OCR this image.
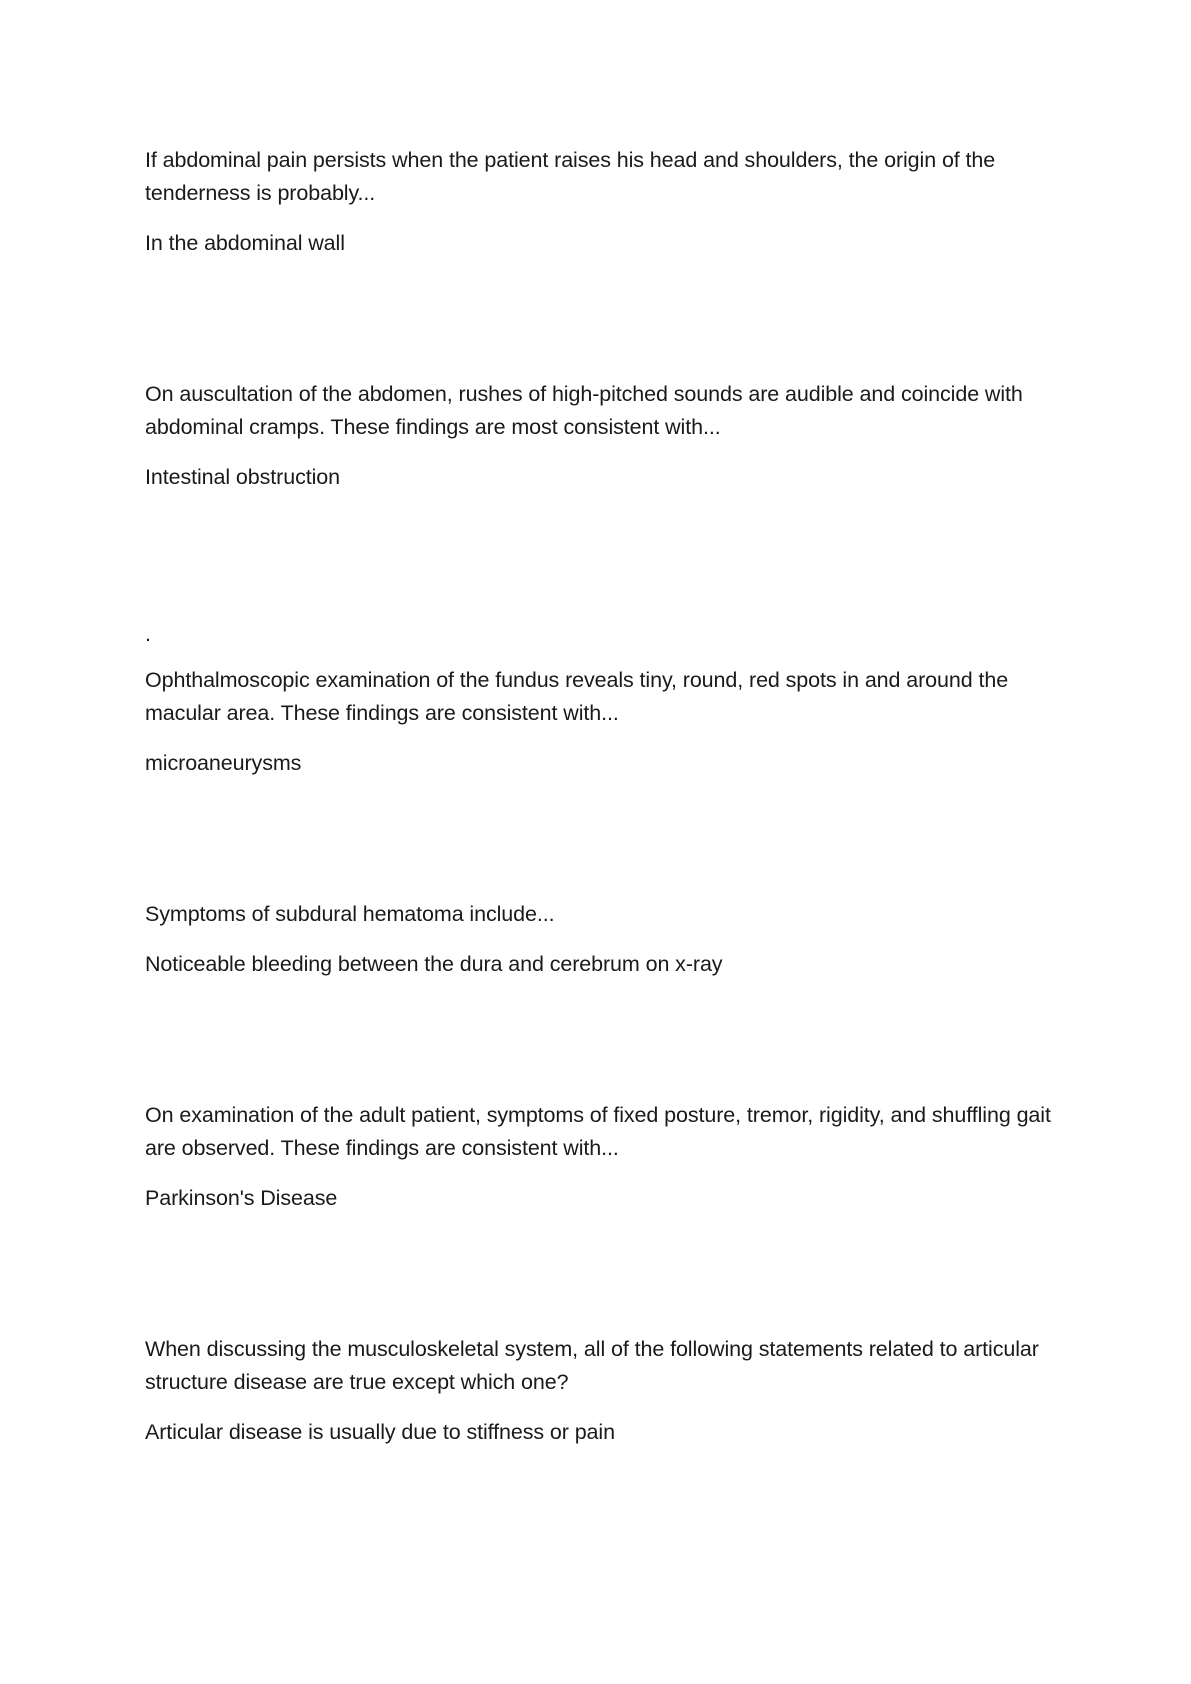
If abdominal pain persists when the patient raises his head and shoulders, the origin of the tenderness is probably...

In the abdominal wall

On auscultation of the abdomen, rushes of high-pitched sounds are audible and coincide with abdominal cramps. These findings are most consistent with...

Intestinal obstruction

.

Ophthalmoscopic examination of the fundus reveals tiny, round, red spots in and around the macular area. These findings are consistent with...

microaneurysms

Symptoms of subdural hematoma include...

Noticeable bleeding between the dura and cerebrum on x-ray

On examination of the adult patient, symptoms of fixed posture, tremor, rigidity, and shuffling gait are observed. These findings are consistent with...

Parkinson's Disease

When discussing the musculoskeletal system, all of the following statements related to articular structure disease are true except which one?

Articular disease is usually due to stiffness or pain
